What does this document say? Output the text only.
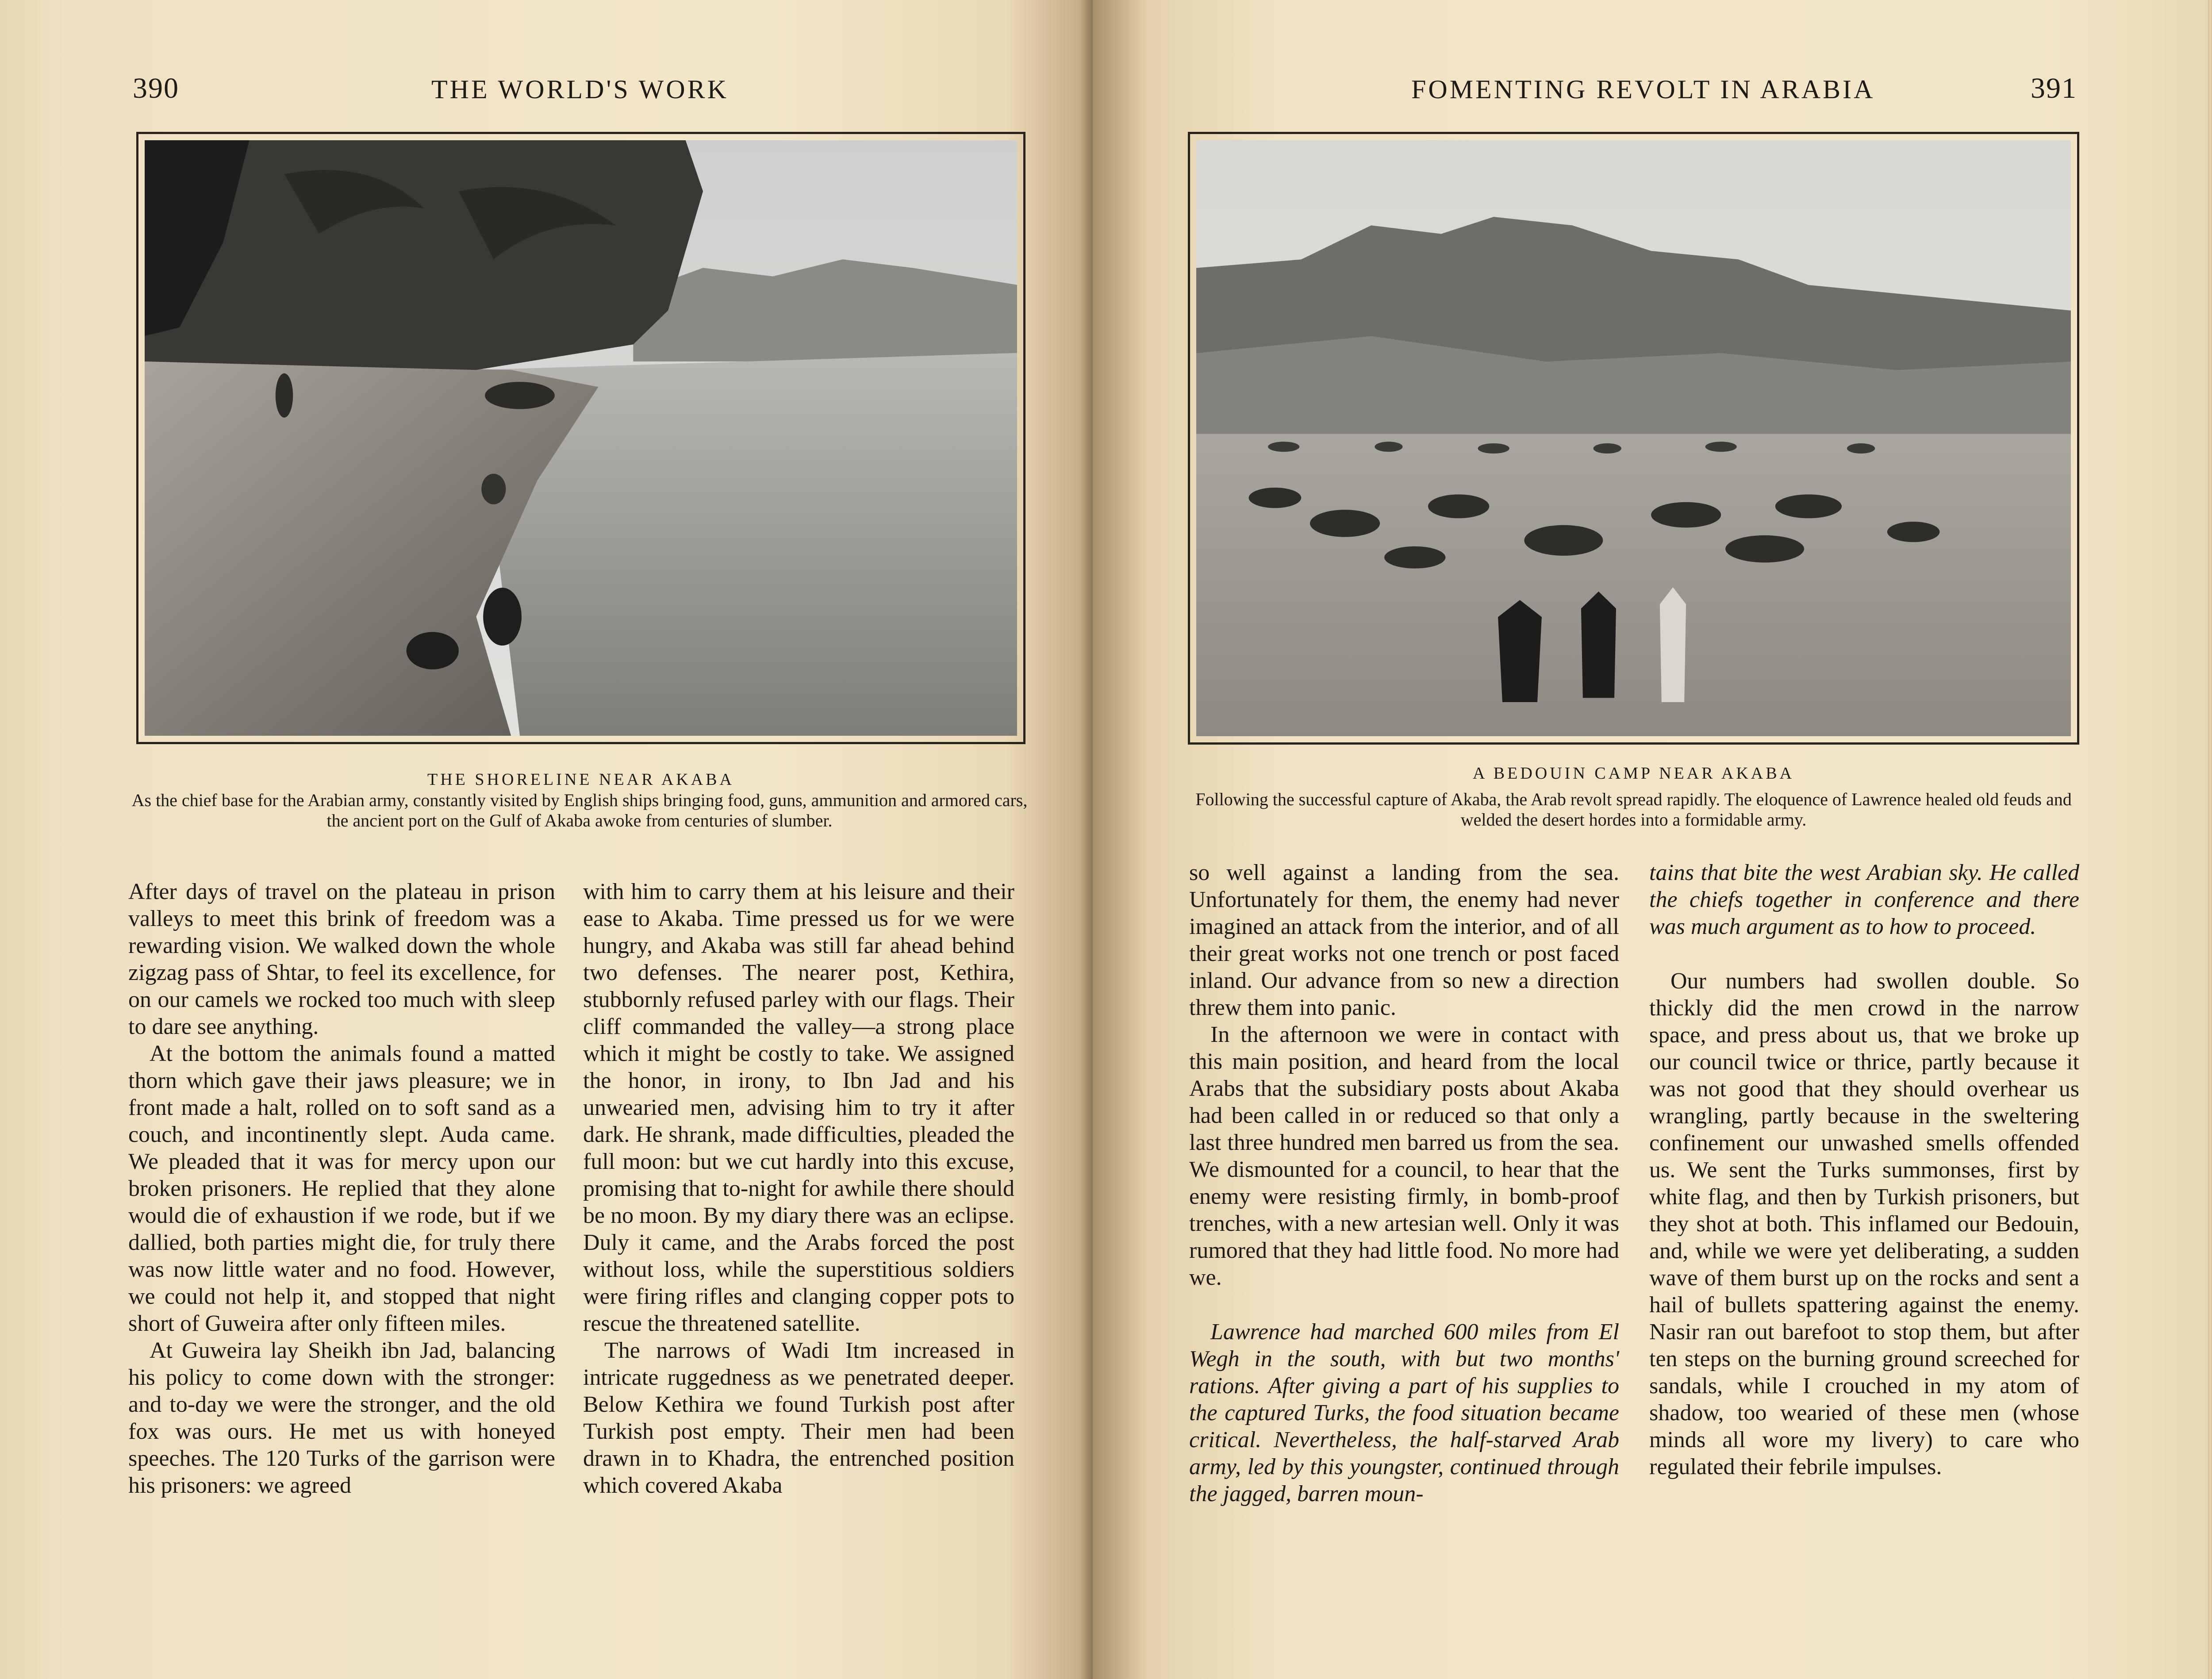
390	THE WORLD'S WORK
THE SHORELINE NEAR AKABA
As the chief base for the Arabian army, constantly visited by English ships bringing food, guns, ammunition and armored cars, the ancient port on the Gulf of Akaba awoke from centuries of slumber.

After days of travel on the plateau in prison valleys to meet this brink of freedom was a rewarding vision. We walked down the whole zigzag pass of Shtar, to feel its excellence, for on our camels we rocked too much with sleep to dare see anything.

At the bottom the animals found a matted thorn which gave their jaws pleasure; we in front made a halt, rolled on to soft sand as a couch, and incontinently slept. Auda came. We pleaded that it was for mercy upon our broken prisoners. He replied that they alone would die of exhaustion if we rode, but if we dallied, both parties might die, for truly there was now little water and no food. However, we could not help it, and stopped that night short of Guweira after only fifteen miles.

At Guweira lay Sheikh ibn Jad, balancing his policy to come down with the stronger: and to-day we were the stronger, and the old fox was ours. He met us with honeyed speeches. The 120 Turks of the garrison were his prisoners: we agreed

with him to carry them at his leisure and their ease to Akaba. Time pressed us for we were hungry, and Akaba was still far ahead behind two defenses. The nearer post, Kethira, stubbornly refused parley with our flags. Their cliff commanded the valley—a strong place which it might be costly to take. We assigned the honor, in irony, to Ibn Jad and his unwearied men, advising him to try it after dark. He shrank, made difficulties, pleaded the full moon: but we cut hardly into this excuse, promising that to-night for awhile there should be no moon. By my diary there was an eclipse. Duly it came, and the Arabs forced the post without loss, while the superstitious soldiers were firing rifles and clanging copper pots to rescue the threatened satellite.

The narrows of Wadi Itm increased in intricate ruggedness as we penetrated deeper. Below Kethira we found Turkish post after Turkish post empty. Their men had been drawn in to Khadra, the entrenched position which covered Akaba

FOMENTING REVOLT IN ARABIA	391
A BEDOUIN CAMP NEAR AKABA
Following the successful capture of Akaba, the Arab revolt spread rapidly. The eloquence of Lawrence healed old feuds and welded the desert hordes into a formidable army.

so well against a landing from the sea. Unfortunately for them, the enemy had never imagined an attack from the interior, and of all their great works not one trench or post faced inland. Our advance from so new a direction threw them into panic.

In the afternoon we were in contact with this main position, and heard from the local Arabs that the subsidiary posts about Akaba had been called in or reduced so that only a last three hundred men barred us from the sea. We dismounted for a council, to hear that the enemy were resisting firmly, in bomb-proof trenches, with a new artesian well. Only it was rumored that they had little food. No more had we.

Lawrence had marched 600 miles from El Wegh in the south, with but two months' rations. After giving a part of his supplies to the captured Turks, the food situation became critical. Nevertheless, the half-starved Arab army, led by this youngster, continued through the jagged, barren moun-

tains that bite the west Arabian sky. He called the chiefs together in conference and there was much argument as to how to proceed.

Our numbers had swollen double. So thickly did the men crowd in the narrow space, and press about us, that we broke up our council twice or thrice, partly because it was not good that they should overhear us wrangling, partly because in the sweltering confinement our unwashed smells offended us. We sent the Turks summonses, first by white flag, and then by Turkish prisoners, but they shot at both. This inflamed our Bedouin, and, while we were yet deliberating, a sudden wave of them burst up on the rocks and sent a hail of bullets spattering against the enemy. Nasir ran out barefoot to stop them, but after ten steps on the burning ground screeched for sandals, while I crouched in my atom of shadow, too wearied of these men (whose minds all wore my livery) to care who regulated their febrile impulses.
